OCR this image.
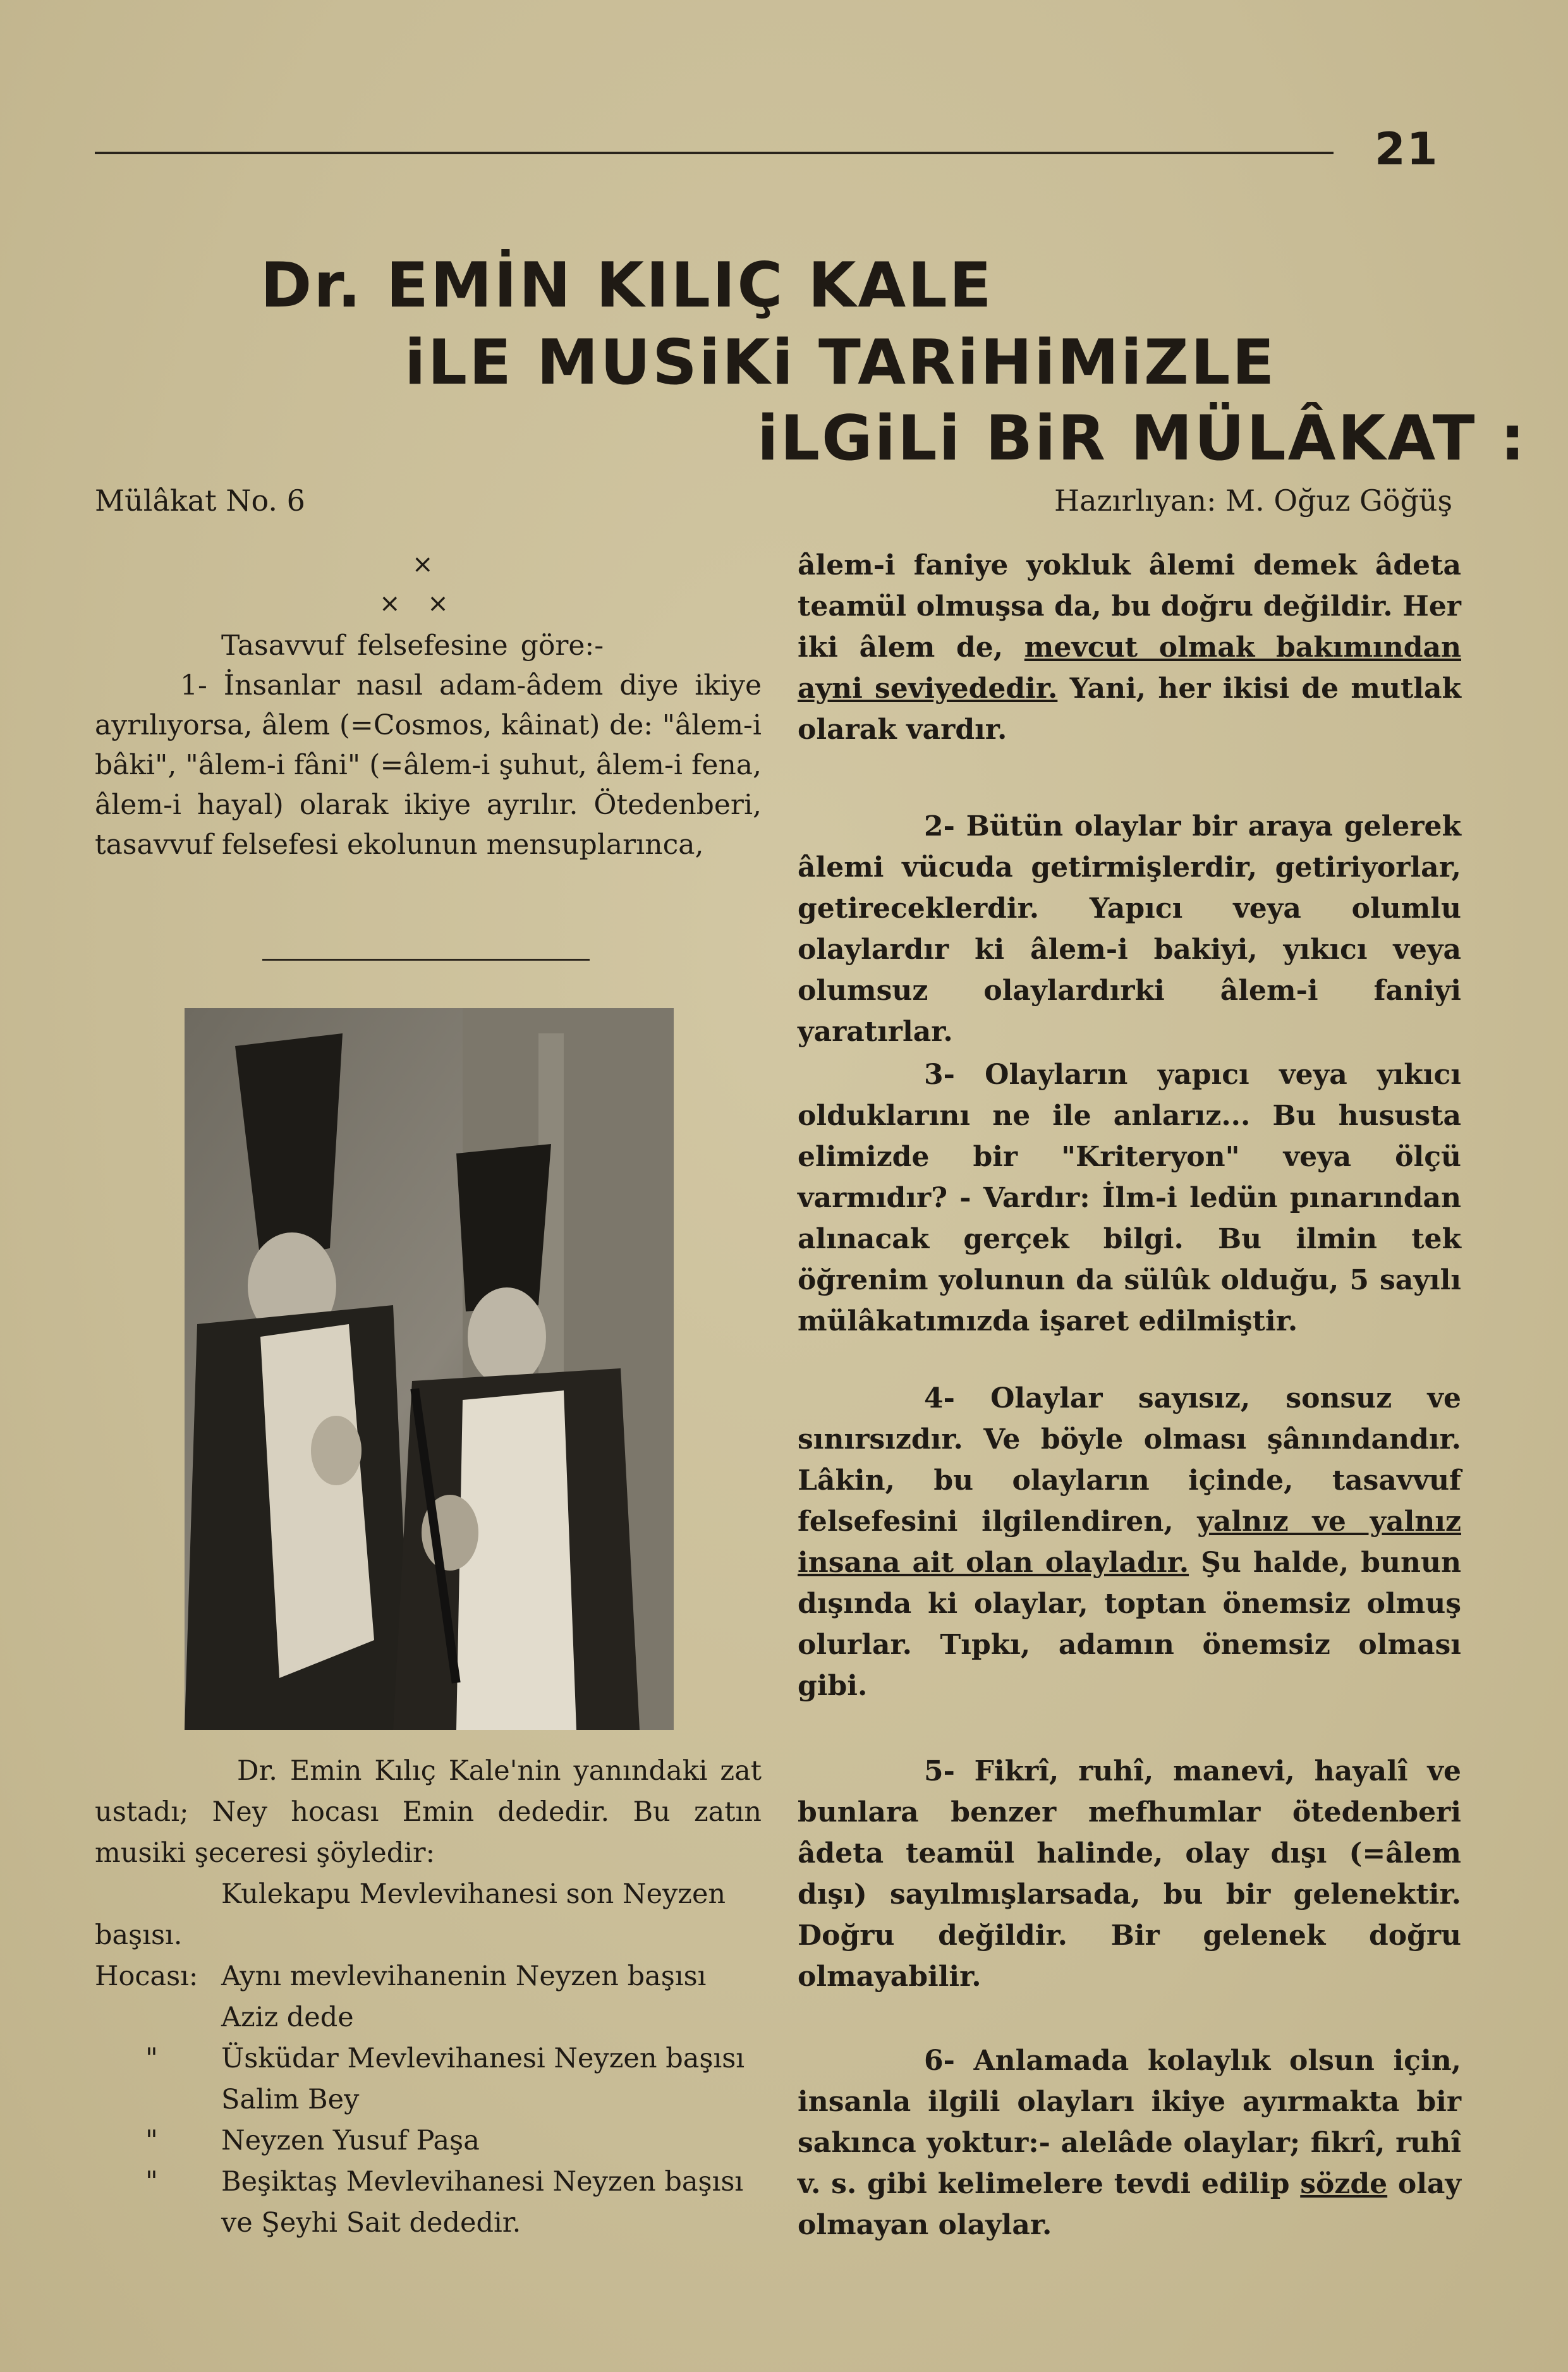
21
Dr. EMİN KILIÇ KALE
iLE MUSiKi TARiHiMiZLE
iLGiLi BiR MÜLÂKAT :
Mülâkat No. 6	Hazırlıyan: M. Oğuz Göğüş
×
× ×

Tasavvuf felsefesine göre:-

1- İnsanlar nasıl adam-âdem diye ikiye ayrılıyorsa, âlem (=Cosmos, kâinat) de: "âlem-i bâki", "âlem-i fâni" (=âlem-i şuhut, âlem-i fena, âlem-i hayal) olarak ikiye ayrılır. Ötedenberi, tasavvuf felsefesi ekolunun mensuplarınca,

Dr. Emin Kılıç Kale'nin yanındaki zat ustadı; Ney hocası Emin dededir. Bu zatın musiki şeceresi şöyledir:

Kulekapu Mevlevihanesi son Neyzen başısı.

Hocası: Aynı mevlevihanenin Neyzen başısı Aziz dede
"	Üsküdar Mevlevihanesi Neyzen başısı Salim Bey
"	Neyzen Yusuf Paşa
"	Beşiktaş Mevlevihanesi Neyzen başısı ve Şeyhi Sait dededir.
âlem-i faniye yokluk âlemi demek âdeta teamül olmuşsa da, bu doğru değildir. Her iki âlem de, mevcut olmak bakımından ayni seviyededir. Yani, her ikisi de mutlak olarak vardır.

2- Bütün olaylar bir araya gelerek âlemi vücuda getirmişlerdir, getiriyorlar, getireceklerdir. Yapıcı veya olumlu olaylardır ki âlem-i bakiyi, yıkıcı veya olumsuz olaylardırki âlem-i faniyi yaratırlar.

3- Olayların yapıcı veya yıkıcı olduklarını ne ile anlarız... Bu hususta elimizde bir "Kriteryon" veya ölçü varmıdır? - Vardır: İlm-i ledün pınarından alınacak gerçek bilgi. Bu ilmin tek öğrenim yolunun da sülûk olduğu, 5 sayılı mülâkatımızda işaret edilmiştir.

4- Olaylar sayısız, sonsuz ve sınırsızdır. Ve böyle olması şânındandır. Lâkin, bu olayların içinde, tasavvuf felsefesini ilgilendiren, yalnız ve yalnız insana ait olan olayladır. Şu halde, bunun dışında ki olaylar, toptan önemsiz olmuş olurlar. Tıpkı, adamın önemsiz olması gibi.

5- Fikrî, ruhî, manevi, hayalî ve bunlara benzer mefhumlar ötedenberi âdeta teamül halinde, olay dışı (=âlem dışı) sayılmışlarsada, bu bir gelenektir. Doğru değildir. Bir gelenek doğru olmayabilir.

6- Anlamada kolaylık olsun için, insanla ilgili olayları ikiye ayırmakta bir sakınca yoktur:- alelâde olaylar; fikrî, ruhî v. s. gibi kelimelere tevdi edilip sözde olay olmayan olaylar.
